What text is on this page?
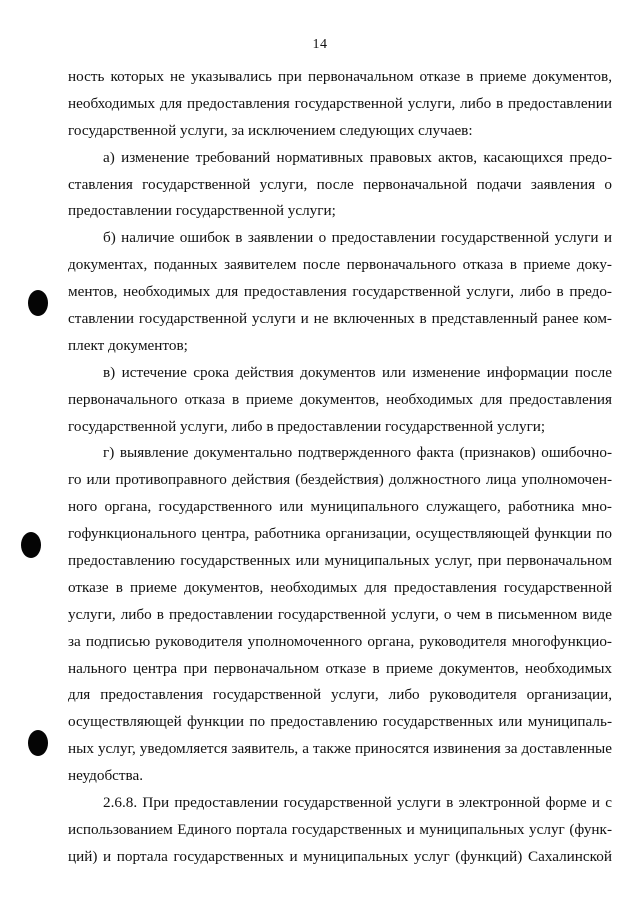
14
ность которых не указывались при первоначальном отказе в приеме документов,
необходимых для предоставления государственной услуги, либо в предоставлении
государственной услуги, за исключением следующих случаев:
а) изменение требований нормативных правовых актов, касающихся предо-
ставления государственной услуги, после первоначальной подачи заявления о
предоставлении государственной услуги;
б) наличие ошибок в заявлении о предоставлении государственной услуги и
документах, поданных заявителем после первоначального отказа в приеме доку-
ментов, необходимых для предоставления государственной услуги, либо в предо-
ставлении государственной услуги и не включенных в представленный ранее ком-
плект документов;
в) истечение срока действия документов или изменение информации после
первоначального отказа в приеме документов, необходимых для предоставления
государственной услуги, либо в предоставлении государственной услуги;
г) выявление документально подтвержденного факта (признаков) ошибочно-
го или противоправного действия (бездействия) должностного лица уполномочен-
ного органа, государственного или муниципального служащего, работника мно-
гофункционального центра, работника организации, осуществляющей функции по
предоставлению государственных или муниципальных услуг, при первоначальном
отказе в приеме документов, необходимых для предоставления государственной
услуги, либо в предоставлении государственной услуги, о чем в письменном виде
за подписью руководителя уполномоченного органа, руководителя многофункцио-
нального центра при первоначальном отказе в приеме документов, необходимых
для предоставления государственной услуги, либо руководителя организации,
осуществляющей функции по предоставлению государственных или муниципаль-
ных услуг, уведомляется заявитель, а также приносятся извинения за доставленные
неудобства.
2.6.8. При предоставлении государственной услуги в электронной форме и с
использованием Единого портала государственных и муниципальных услуг (функ-
ций) и портала государственных и муниципальных услуг (функций) Сахалинской
